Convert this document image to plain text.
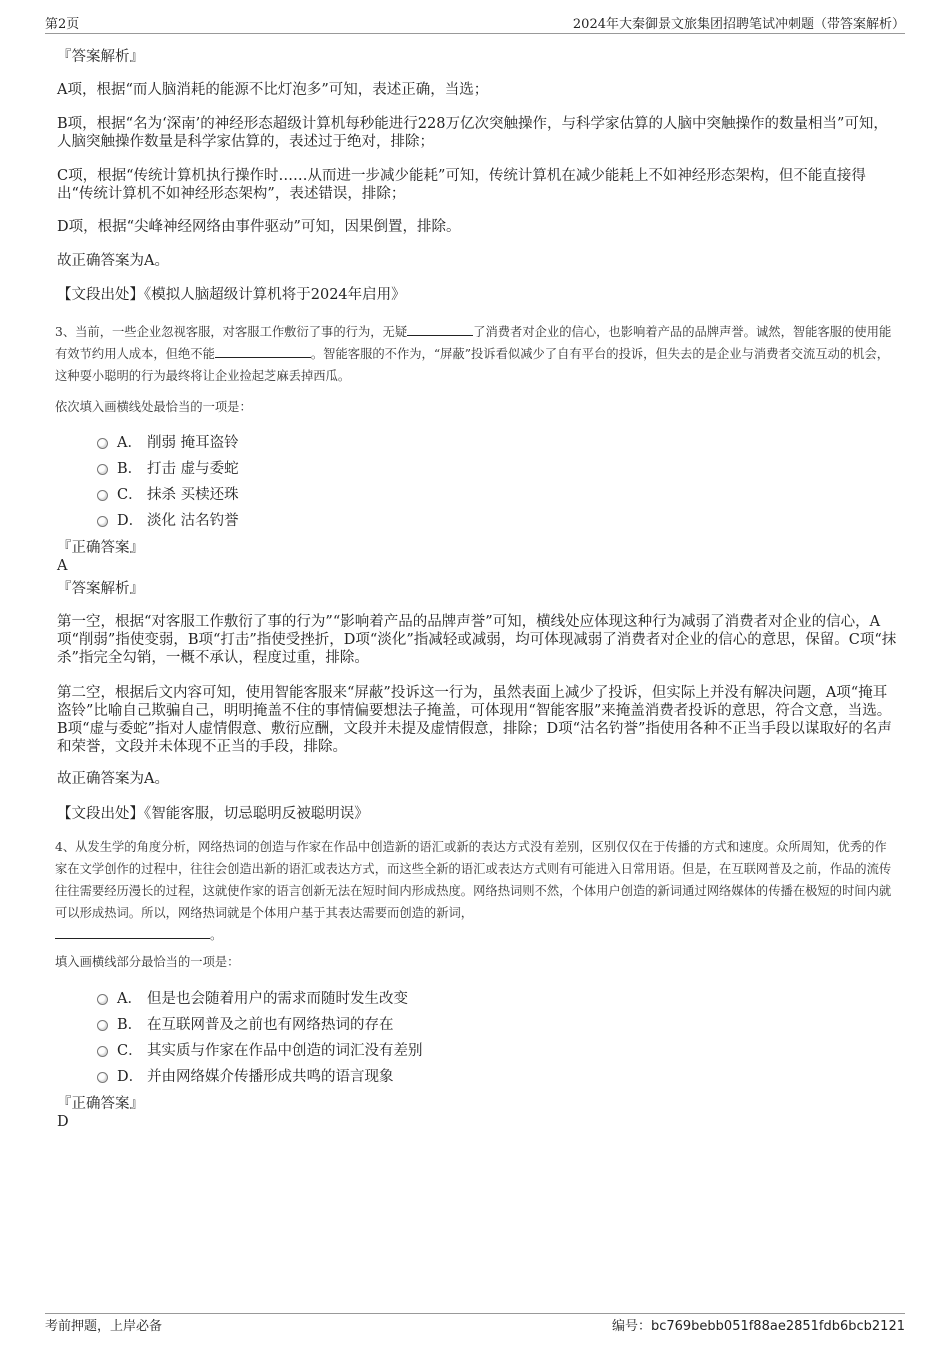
第2页	2024年大秦御景文旅集团招聘笔试冲刺题（带答案解析）

『答案解析』

A项，根据“而人脑消耗的能源不比灯泡多”可知，表述正确，当选；

B项，根据“名为‘深南’的神经形态超级计算机每秒能进行228万亿次突触操作，与科学家估算的人脑中突触操作的数量相当”可知，人脑突触操作数量是科学家估算的，表述过于绝对，排除；

C项，根据“传统计算机执行操作时……从而进一步减少能耗”可知，传统计算机在减少能耗上不如神经形态架构，但不能直接得出“传统计算机不如神经形态架构”，表述错误，排除；

D项，根据“尖峰神经网络由事件驱动”可知，因果倒置，排除。

故正确答案为A。

【文段出处】《模拟人脑超级计算机将于2024年启用》

3、当前，一些企业忽视客服，对客服工作敷衍了事的行为，无疑	了消费者对企业的信心，也影响着产品的品牌声誉。诚然，智能客服的使用能有效节约用人成本，但绝不能	。智能客服的不作为，“屏蔽”投诉看似减少了自有平台的投诉，但失去的是企业与消费者交流互动的机会，这种耍小聪明的行为最终将让企业捡起芝麻丢掉西瓜。

依次填入画横线处最恰当的一项是：

A． 削弱 掩耳盗铃
B． 打击 虚与委蛇
C． 抹杀 买椟还珠
D． 淡化 沽名钓誉

『正确答案』

A

『答案解析』

第一空，根据“对客服工作敷衍了事的行为”“影响着产品的品牌声誉”可知，横线处应体现这种行为减弱了消费者对企业的信心，A项“削弱”指使变弱，B项“打击”指使受挫折，D项“淡化”指减轻或减弱，均可体现减弱了消费者对企业的信心的意思，保留。C项“抹杀”指完全勾销，一概不承认，程度过重，排除。

第二空，根据后文内容可知，使用智能客服来“屏蔽”投诉这一行为，虽然表面上减少了投诉，但实际上并没有解决问题，A项“掩耳盗铃”比喻自己欺骗自己，明明掩盖不住的事情偏要想法子掩盖，可体现用“智能客服”来掩盖消费者投诉的意思，符合文意，当选。B项“虚与委蛇”指对人虚情假意、敷衍应酬，文段并未提及虚情假意，排除；D项“沽名钓誉”指使用各种不正当手段以谋取好的名声和荣誉，文段并未体现不正当的手段，排除。

故正确答案为A。

【文段出处】《智能客服，切忌聪明反被聪明误》

4、从发生学的角度分析，网络热词的创造与作家在作品中创造新的语汇或新的表达方式没有差别，区别仅仅在于传播的方式和速度。众所周知，优秀的作家在文学创作的过程中，往往会创造出新的语汇或表达方式，而这些全新的语汇或表达方式则有可能进入日常用语。但是，在互联网普及之前，作品的流传往往需要经历漫长的过程，这就使作家的语言创新无法在短时间内形成热度。网络热词则不然，个体用户创造的新词通过网络媒体的传播在极短的时间内就可以形成热词。所以，网络热词就是个体用户基于其表达需要而创造的新词，
。

填入画横线部分最恰当的一项是：

A． 但是也会随着用户的需求而随时发生改变
B． 在互联网普及之前也有网络热词的存在
C． 其实质与作家在作品中创造的词汇没有差别
D． 并由网络媒介传播形成共鸣的语言现象

『正确答案』

D

考前押题，上岸必备	编号：bc769bebb051f88ae2851fdb6bcb2121
